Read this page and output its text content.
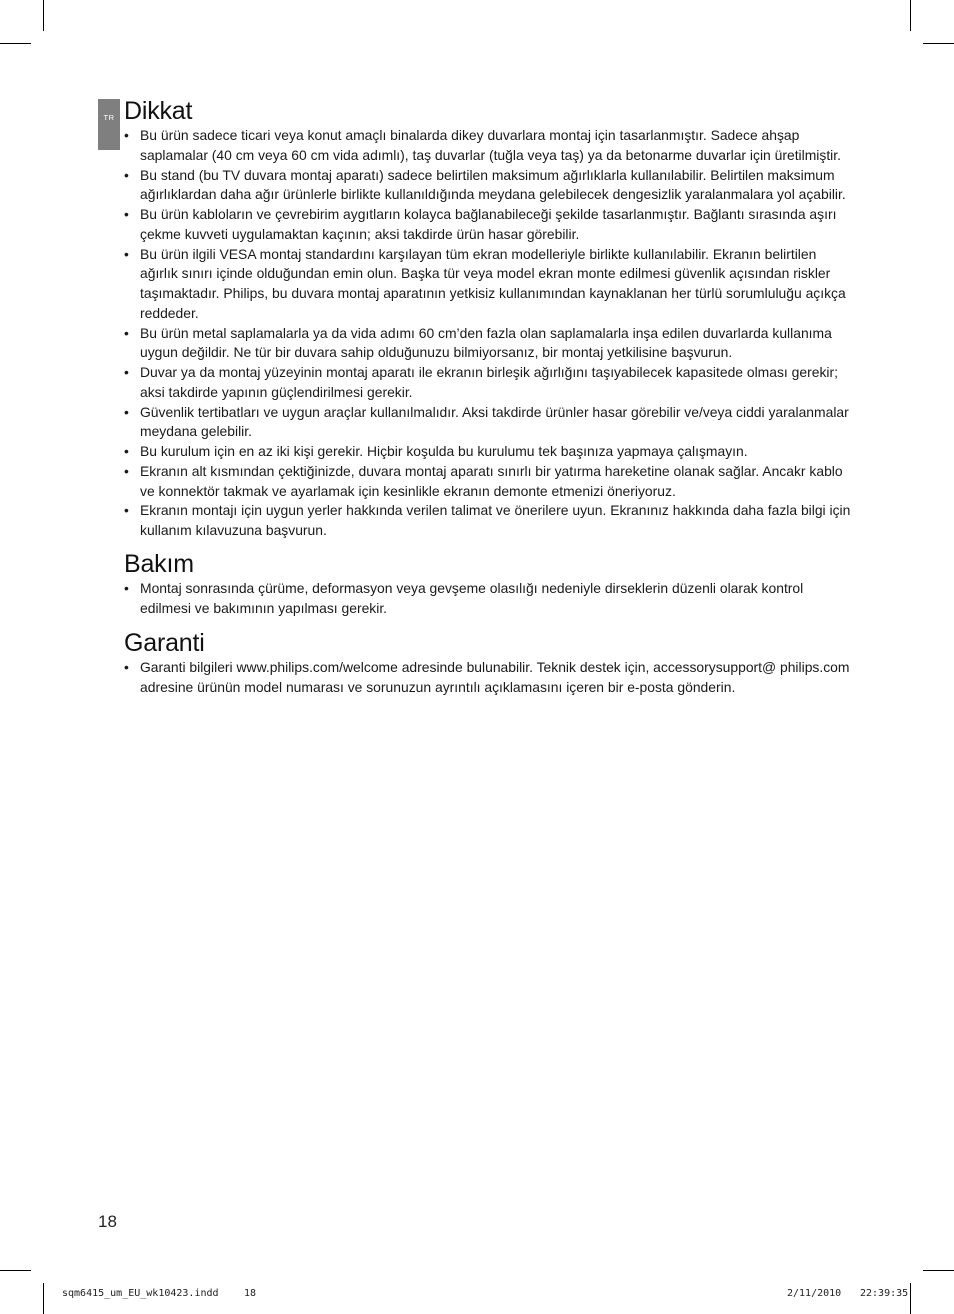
TR Dikkat
• Bu ürün sadece ticari veya konut amaçlı binalarda dikey duvarlara montaj için tasarlanmıştır. Sadece ahşap saplamalar (40 cm veya 60 cm vida adımlı), taş duvarlar (tuğla veya taş) ya da betonarme duvarlar için üretilmiştir.
• Bu stand (bu TV duvara montaj aparatı) sadece belirtilen maksimum ağırlıklarla kullanılabilir. Belirtilen maksimum ağırlıklardan daha ağır ürünlerle birlikte kullanıldığında meydana gelebilecek dengesizlik yaralanmalara yol açabilir.
• Bu ürün kabloların ve çevrebirim aygıtların kolayca bağlanabileceği şekilde tasarlanmıştır. Bağlantı sırasında aşırı çekme kuvveti uygulamaktan kaçının; aksi takdirde ürün hasar görebilir.
• Bu ürün ilgili VESA montaj standardını karşılayan tüm ekran modelleriyle birlikte kullanılabilir. Ekranın belirtilen ağırlık sınırı içinde olduğundan emin olun. Başka tür veya model ekran monte edilmesi güvenlik açısından riskler taşımaktadır. Philips, bu duvara montaj aparatının yetkisiz kullanımından kaynaklanan her türlü sorumluluğu açıkça reddeder.
• Bu ürün metal saplamalarla ya da vida adımı 60 cm’den fazla olan saplamalarla inşa edilen duvarlarda kullanıma uygun değildir. Ne tür bir duvara sahip olduğunuzu bilmiyorsanız, bir montaj yetkilisine başvurun.
• Duvar ya da montaj yüzeyinin montaj aparatı ile ekranın birleşik ağırlığını taşıyabilecek kapasitede olması gerekir; aksi takdirde yapının güçlendirilmesi gerekir.
• Güvenlik tertibatları ve uygun araçlar kullanılmalıdır. Aksi takdirde ürünler hasar görebilir ve/veya ciddi yaralanmalar meydana gelebilir.
• Bu kurulum için en az iki kişi gerekir. Hiçbir koşulda bu kurulumu tek başınıza yapmaya çalışmayın.
• Ekranın alt kısmından çektiğinizde, duvara montaj aparatı sınırlı bir yatırma hareketine olanak sağlar. Ancakr kablo ve konnektör takmak ve ayarlamak için kesinlikle ekranın demonte etmenizi öneriyoruz.
• Ekranın montajı için uygun yerler hakkında verilen talimat ve önerilere uyun. Ekranınız hakkında daha fazla bilgi için kullanım kılavuzuna başvurun.
Bakım
• Montaj sonrasında çürüme, deformasyon veya gevşeme olasılığı nedeniyle dirseklerin düzenli olarak kontrol edilmesi ve bakımının yapılması gerekir.
Garanti
• Garanti bilgileri www.philips.com/welcome adresinde bulunabilir. Teknik destek için, accessorysupport@ philips.com adresine ürünün model numarası ve sorunuzun ayrıntılı açıklamasını içeren bir e-posta gönderin.
18
sqm6415_um_EU_wk10423.indd	18	2/11/2010 22:39:35
